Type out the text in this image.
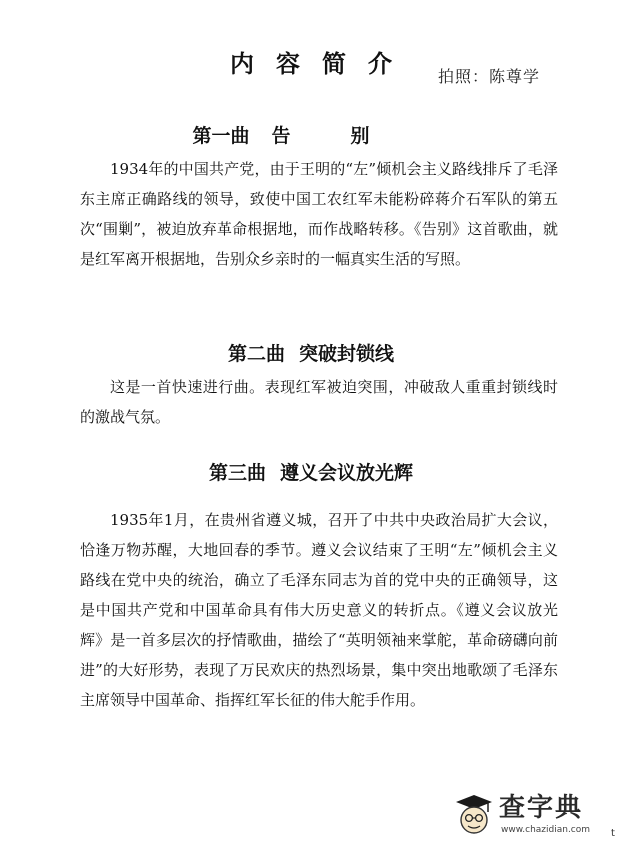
内容简介	拍照：陈尊学
第一曲 告别

1934年的中国共产党，由于王明的“左”倾机会主义路线排斥了毛泽东主席正确路线的领导，致使中国工农红军未能粉碎蒋介石军队的第五次“围剿”，被迫放弃革命根据地，而作战略转移。《告别》这首歌曲，就是红军离开根据地，告别众乡亲时的一幅真实生活的写照。

第二曲 突破封锁线

这是一首快速进行曲。表现红军被迫突围，冲破敌人重重封锁线时的激战气氛。

第三曲 遵义会议放光辉

1935年1月，在贵州省遵义城，召开了中共中央政治局扩大会议，恰逢万物苏醒，大地回春的季节。遵义会议结束了王明“左”倾机会主义路线在党中央的统治，确立了毛泽东同志为首的党中央的正确领导，这是中国共产党和中国革命具有伟大历史意义的转折点。《遵义会议放光辉》是一首多层次的抒情歌曲，描绘了“英明领袖来掌舵，革命磅礴向前进”的大好形势，表现了万民欢庆的热烈场景，集中突出地歌颂了毛泽东主席领导中国革命、指挥红军长征的伟大舵手作用。

查字典
www.chazidian.com t
